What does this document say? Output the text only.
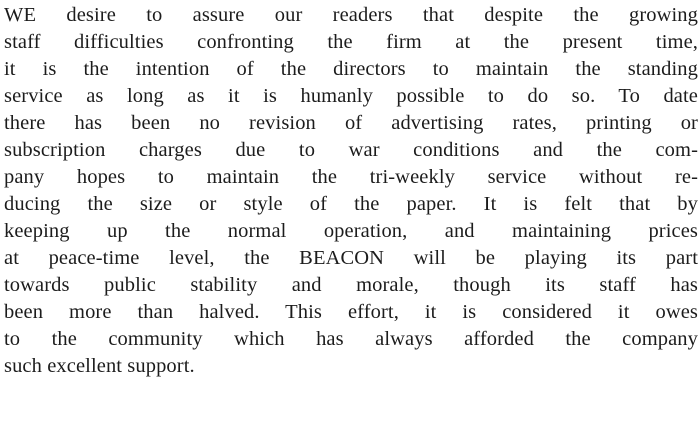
WE desire to assure our readers that despite the growing
staff difficulties confronting the firm at the present time,
it is the intention of the directors to maintain the standing
service as long as it is humanly possible to do so. To date
there has been no revision of advertising rates, printing or
subscription charges due to war conditions and the com-
pany hopes to maintain the tri-weekly service without re-
ducing the size or style of the paper. It is felt that by
keeping up the normal operation, and maintaining prices
at peace-time level, the BEACON will be playing its part
towards public stability and morale, though its staff has
been more than halved. This effort, it is considered it owes
to the community which has always afforded the company
such excellent support.
